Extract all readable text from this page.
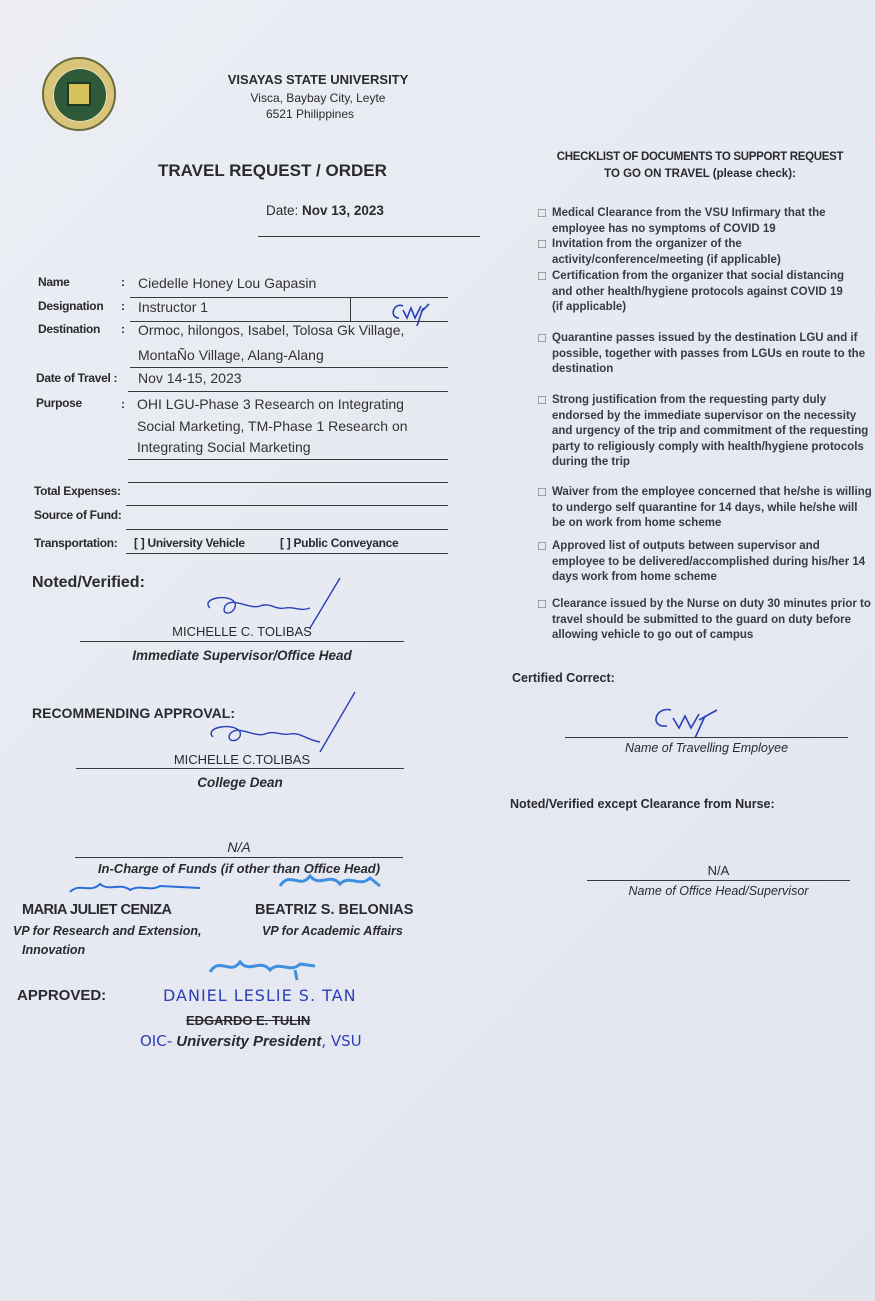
VISAYAS STATE UNIVERSITY
Visca, Baybay City, Leyte
6521 Philippines
TRAVEL REQUEST / ORDER
Date: Nov 13, 2023
Name	: Ciedelle Honey Lou Gapasin
Designation : Instructor 1
Destination : Ormoc, hilongos, Isabel, Tolosa Gk Village,
MontaÑo Village, Alang-Alang
Date of Travel : Nov 14-15, 2023
Purpose	: OHI LGU-Phase 3 Research on Integrating
Social Marketing, TM-Phase 1 Research on
Integrating Social Marketing
Total Expenses:
Source of Fund:
Transportation: [ ] University Vehicle	[ ] Public Conveyance
Noted/Verified:
MICHELLE C. TOLIBAS
Immediate Supervisor/Office Head
RECOMMENDING APPROVAL:
MICHELLE C.TOLIBAS
College Dean
N/A
In-Charge of Funds (if other than Office Head)
MARIA JULIET CENIZA	BEATRIZ S. BELONIAS
VP for Research and Extension,
Innovation
VP for Academic Affairs
APPROVED:	DANIEL LESLIE S. TAN
EDGARDO E. TULIN
OIC- University President, VSU
CHECKLIST OF DOCUMENTS TO SUPPORT REQUEST
TO GO ON TRAVEL (please check):
☐ Medical Clearance from the VSU Infirmary that the employee has no symptoms of COVID 19
☐ Invitation from the organizer of the activity/conference/meeting (if applicable)
☐ Certification from the organizer that social distancing and other health/hygiene protocols against COVID 19 (if applicable)
☐ Quarantine passes issued by the destination LGU and if possible, together with passes from LGUs en route to the destination
☐ Strong justification from the requesting party duly endorsed by the immediate supervisor on the necessity and urgency of the trip and commitment of the requesting party to religiously comply with health/hygiene protocols during the trip
☐ Waiver from the employee concerned that he/she is willing to undergo self quarantine for 14 days, while he/she will be on work from home scheme
☐ Approved list of outputs between supervisor and employee to be delivered/accomplished during his/her 14 days work from home scheme
☐ Clearance issued by the Nurse on duty 30 minutes prior to travel should be submitted to the guard on duty before allowing vehicle to go out of campus
Certified Correct:
Name of Travelling Employee
Noted/Verified except Clearance from Nurse:
N/A
Name of Office Head/Supervisor
